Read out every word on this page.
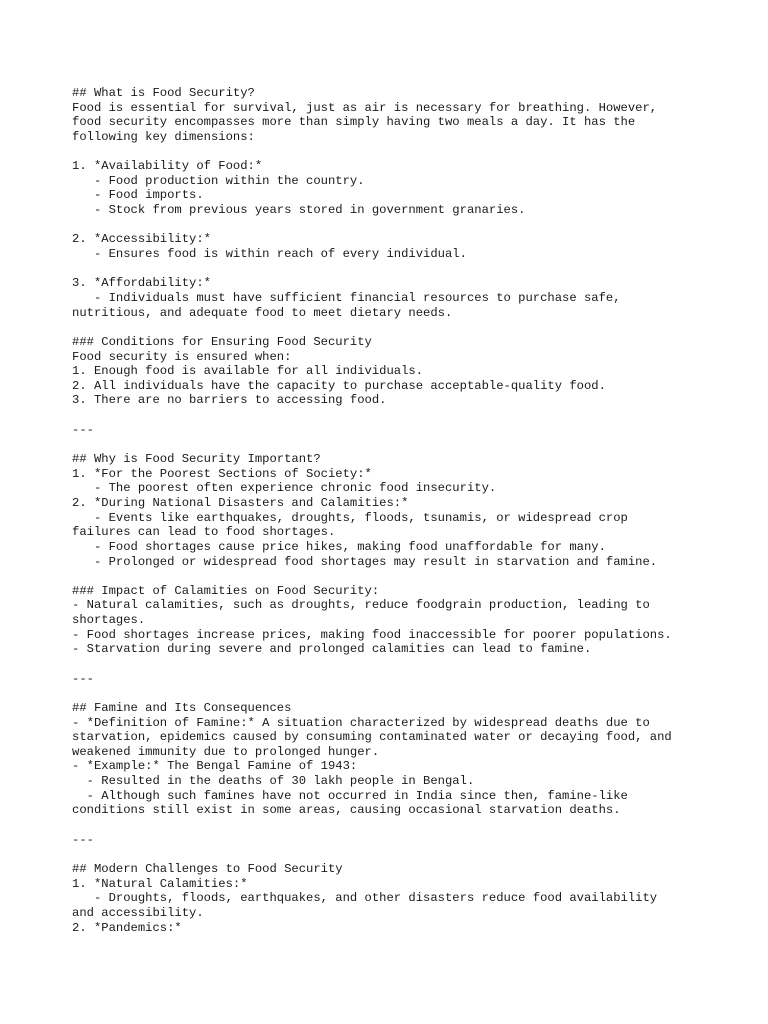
## What is Food Security?
Food is essential for survival, just as air is necessary for breathing. However,
food security encompasses more than simply having two meals a day. It has the
following key dimensions:
1. *Availability of Food:*
- Food production within the country.
- Food imports.
- Stock from previous years stored in government granaries.
2. *Accessibility:*
- Ensures food is within reach of every individual.
3. *Affordability:*
- Individuals must have sufficient financial resources to purchase safe,
nutritious, and adequate food to meet dietary needs.
### Conditions for Ensuring Food Security
Food security is ensured when:
1. Enough food is available for all individuals.
2. All individuals have the capacity to purchase acceptable-quality food.
3. There are no barriers to accessing food.
---
## Why is Food Security Important?
1. *For the Poorest Sections of Society:*
- The poorest often experience chronic food insecurity.
2. *During National Disasters and Calamities:*
- Events like earthquakes, droughts, floods, tsunamis, or widespread crop
failures can lead to food shortages.
- Food shortages cause price hikes, making food unaffordable for many.
- Prolonged or widespread food shortages may result in starvation and famine.
### Impact of Calamities on Food Security:
- Natural calamities, such as droughts, reduce foodgrain production, leading to
shortages.
- Food shortages increase prices, making food inaccessible for poorer populations.
- Starvation during severe and prolonged calamities can lead to famine.
---
## Famine and Its Consequences
- *Definition of Famine:* A situation characterized by widespread deaths due to
starvation, epidemics caused by consuming contaminated water or decaying food, and
weakened immunity due to prolonged hunger.
- *Example:* The Bengal Famine of 1943:
- Resulted in the deaths of 30 lakh people in Bengal.
- Although such famines have not occurred in India since then, famine-like
conditions still exist in some areas, causing occasional starvation deaths.
---
## Modern Challenges to Food Security
1. *Natural Calamities:*
- Droughts, floods, earthquakes, and other disasters reduce food availability
and accessibility.
2. *Pandemics:*
